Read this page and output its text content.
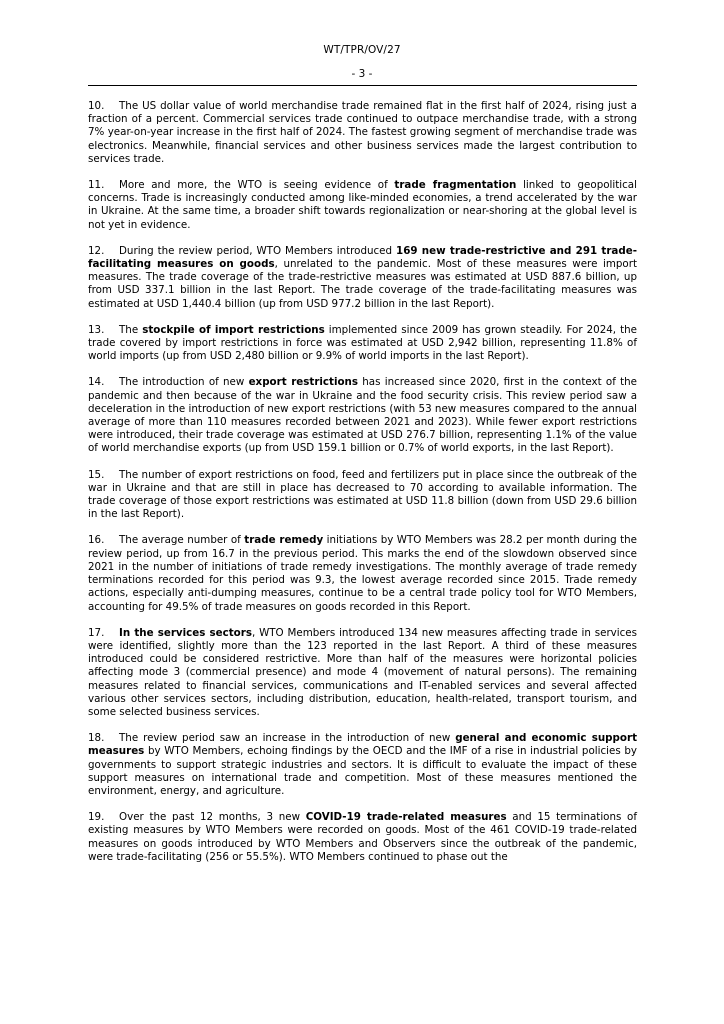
WT/TPR/OV/27
- 3 -

10. The US dollar value of world merchandise trade remained flat in the first half of 2024, rising just a fraction of a percent. Commercial services trade continued to outpace merchandise trade, with a strong 7% year-on-year increase in the first half of 2024. The fastest growing segment of merchandise trade was electronics. Meanwhile, financial services and other business services made the largest contribution to services trade.

11. More and more, the WTO is seeing evidence of trade fragmentation linked to geopolitical concerns. Trade is increasingly conducted among like-minded economies, a trend accelerated by the war in Ukraine. At the same time, a broader shift towards regionalization or near-shoring at the global level is not yet in evidence.

12. During the review period, WTO Members introduced 169 new trade-restrictive and 291 trade-facilitating measures on goods, unrelated to the pandemic. Most of these measures were import measures. The trade coverage of the trade-restrictive measures was estimated at USD 887.6 billion, up from USD 337.1 billion in the last Report. The trade coverage of the trade-facilitating measures was estimated at USD 1,440.4 billion (up from USD 977.2 billion in the last Report).

13. The stockpile of import restrictions implemented since 2009 has grown steadily. For 2024, the trade covered by import restrictions in force was estimated at USD 2,942 billion, representing 11.8% of world imports (up from USD 2,480 billion or 9.9% of world imports in the last Report).

14. The introduction of new export restrictions has increased since 2020, first in the context of the pandemic and then because of the war in Ukraine and the food security crisis. This review period saw a deceleration in the introduction of new export restrictions (with 53 new measures compared to the annual average of more than 110 measures recorded between 2021 and 2023). While fewer export restrictions were introduced, their trade coverage was estimated at USD 276.7 billion, representing 1.1% of the value of world merchandise exports (up from USD 159.1 billion or 0.7% of world exports, in the last Report).

15. The number of export restrictions on food, feed and fertilizers put in place since the outbreak of the war in Ukraine and that are still in place has decreased to 70 according to available information. The trade coverage of those export restrictions was estimated at USD 11.8 billion (down from USD 29.6 billion in the last Report).

16. The average number of trade remedy initiations by WTO Members was 28.2 per month during the review period, up from 16.7 in the previous period. This marks the end of the slowdown observed since 2021 in the number of initiations of trade remedy investigations. The monthly average of trade remedy terminations recorded for this period was 9.3, the lowest average recorded since 2015. Trade remedy actions, especially anti-dumping measures, continue to be a central trade policy tool for WTO Members, accounting for 49.5% of trade measures on goods recorded in this Report.

17. In the services sectors, WTO Members introduced 134 new measures affecting trade in services were identified, slightly more than the 123 reported in the last Report. A third of these measures introduced could be considered restrictive. More than half of the measures were horizontal policies affecting mode 3 (commercial presence) and mode 4 (movement of natural persons). The remaining measures related to financial services, communications and IT-enabled services and several affected various other services sectors, including distribution, education, health-related, transport tourism, and some selected business services.

18. The review period saw an increase in the introduction of new general and economic support measures by WTO Members, echoing findings by the OECD and the IMF of a rise in industrial policies by governments to support strategic industries and sectors. It is difficult to evaluate the impact of these support measures on international trade and competition. Most of these measures mentioned the environment, energy, and agriculture.

19. Over the past 12 months, 3 new COVID-19 trade-related measures and 15 terminations of existing measures by WTO Members were recorded on goods. Most of the 461 COVID-19 trade-related measures on goods introduced by WTO Members and Observers since the outbreak of the pandemic, were trade-facilitating (256 or 55.5%). WTO Members continued to phase out the
